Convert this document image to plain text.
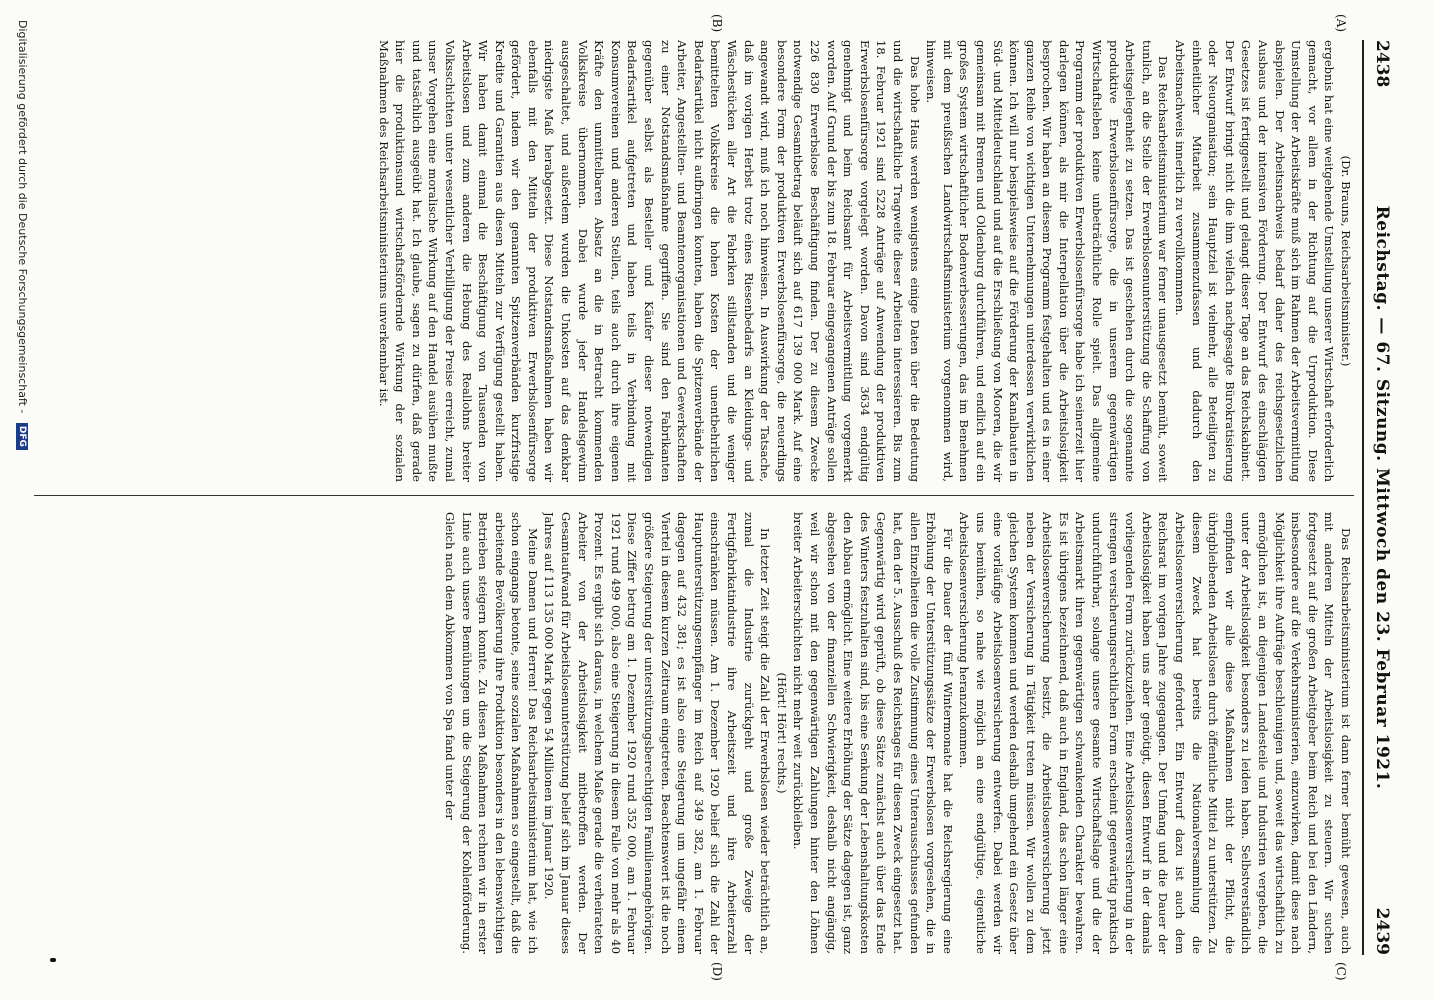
2438
Reichstag. — 67. Sitzung. Mittwoch den 23. Februar 1921.
2439
(A)
(B)
(C)
(D)

(Dr. Brauns, Reichsarbeitsminister.)

ergebnis hat eine weitgehende Umstellung unserer Wirtschaft erforderlich gemacht, vor allem in der Richtung auf die Urproduktion. Diese Umstellung der Arbeitskräfte muß sich im Rahmen der Arbeitsvermittlung abspielen. Der Arbeitsnachweis bedarf daher des reichsgesetzlichen Ausbaus und der intensiven Förderung. Der Entwurf des einschlägigen Gesetzes ist fertiggestellt und gelangt dieser Tage an das Reichskabinett. Der Entwurf bringt nicht die ihm vielfach nachgesagte Bürokratisierung oder Neuorganisation; sein Hauptziel ist vielmehr, alle Beteiligten zu einheitlicher Mitarbeit zusammenzufassen und dadurch den Arbeitsnachweis innerlich zu vervollkommnen.

Das Reichsarbeitsministerium war ferner unausgesetzt bemüht, soweit tunlich, an die Stelle der Erwerbslosenunterstützung die Schaffung von Arbeitsgelegenheit zu setzen. Das ist geschehen durch die sogenannte produktive Erwerbslosenfürsorge, die in unserem gegenwärtigen Wirtschaftsleben keine unbeträchtliche Rolle spielt. Das allgemeine Programm der produktiven Erwerbslosenfürsorge habe ich seinerzeit hier darlegen können, als mir die Interpellation über die Arbeitslosigkeit besprochen. Wir haben an diesem Programm festgehalten und es in einer ganzen Reihe von wichtigen Unternehmungen unterdessen verwirklichen können. Ich will nur beispielsweise auf die Förderung der Kanalbauten in Süd- und Mitteldeutschland und auf die Erschließung von Mooren, die wir gemeinsam mit Bremen und Oldenburg durchführen, und endlich auf ein großes System wirtschaftlicher Bodenverbesserungen, das im Benehmen mit dem preußischen Landwirtschaftsministerium vorgenommen wird, hinweisen.

Das hohe Haus werden wenigstens einige Daten über die Bedeutung und die wirtschaftliche Tragweite dieser Arbeiten interessieren. Bis zum 18. Februar 1921 sind 5228 Anträge auf Anwendung der produktiven Erwerbslosenfürsorge vorgelegt worden. Davon sind 3634 endgültig genehmigt und beim Reichsamt für Arbeitsvermittlung vorgemerkt worden. Auf Grund der bis zum 18. Februar eingegangenen Anträge sollen 226 830 Erwerbslose Beschäftigung finden. Der zu diesem Zwecke notwendige Gesamtbetrag beläuft sich auf 617 139 000 Mark. Auf eine besondere Form der produktiven Erwerbslosenfürsorge, die neuerdings angewandt wird, muß ich noch hinweisen. In Auswirkung der Tatsache, daß im vorigen Herbst trotz eines Riesenbedarfs an Kleidungs- und Wäschestücken aller Art die Fabriken stillstanden und die weniger bemittelten Volkskreise die hohen Kosten der unentbehrlichen Bedarfsartikel nicht aufbringen konnten, haben die Spitzenverbände der Arbeiter, Angestellten- und Beamtenorganisationen und Gewerkschaften zu einer Notstandsmaßnahme gegriffen. Sie sind den Fabrikanten gegenüber selbst als Besteller und Käufer dieser notwendigen Bedarfsartikel aufgetreten und haben teils in Verbindung mit Konsumvereinen und anderen Stellen, teils auch durch ihre eigenen Kräfte den unmittelbaren Absatz an die in Betracht kommenden Volkskreise übernommen. Dabei wurde jeder Handelsgewinn ausgeschaltet, und außerdem wurden die Unkosten auf das denkbar niedrigste Maß herabgesetzt. Diese Notstandsmaßnahmen haben wir ebenfalls mit den Mitteln der produktiven Erwerbslosenfürsorge gefördert, indem wir den genannten Spitzenverbänden kurzfristige Kredite und Garantien aus diesen Mitteln zur Verfügung gestellt haben. Wir haben damit einmal die Beschäftigung von Tausenden von Arbeitslosen und zum anderen die Hebung des Reallohns breiter Volksschichten unter wesentlicher Verbilligung der Preise erreicht, zumal unser Vorgehen eine moralische Wirkung auf den Handel ausüben mußte und tatsächlich ausgeübt hat. Ich glaube, sagen zu dürfen, daß gerade hier die produktionsund wirtschaftsfördernde Wirkung der sozialen Maßnahmen des Reichsarbeitsministeriums unverkennbar ist.

Das Reichsarbeitsministerium ist dann ferner bemüht gewesen, auch mit anderen Mitteln der Arbeitslosigkeit zu steuern. Wir suchen fortgesetzt auf die großen Arbeitgeber beim Reich und bei den Ländern, insbesondere auf die Verkehrsministerien, einzuwirken, damit diese nach Möglichkeit ihre Aufträge beschleunigen und, soweit das wirtschaftlich zu ermöglichen ist, an diejenigen Landesteile und Industrien vergeben, die unter der Arbeitslosigkeit besonders zu leiden haben. Selbstverständlich empfinden wir alle diese Maßnahmen nicht der Pflicht, die übrigbleibenden Arbeitslosen durch öffentliche Mittel zu unterstützen. Zu diesem Zweck hat bereits die Nationalversammlung die Arbeitslosenversicherung gefordert. Ein Entwurf dazu ist auch dem Reichsrat im vorigen Jahre zugegangen. Der Umfang und die Dauer der Arbeitslosigkeit haben uns aber genötigt, diesen Entwurf in der damals vorliegenden Form zurückzuziehen. Eine Arbeitslosenversicherung in der strengen versicherungsrechtlichen Form erscheint gegenwärtig praktisch undurchführbar, solange unsere gesamte Wirtschaftslage und die der Arbeitsmarkt ihren gegenwärtigen schwankenden Charakter bewahren. Es ist übrigens bezeichnend, daß auch in England, das schon länger eine Arbeitslosenversicherung besitzt, die Arbeitslosenversicherung jetzt neben der Versicherung in Tätigkeit treten müssen. Wir wollen zu dem gleichen System kommen und werden deshalb umgehend ein Gesetz über eine vorläufige Arbeitslosenversicherung entwerfen. Dabei werden wir uns bemühen, so nahe wie möglich an eine endgültige, eigentliche Arbeitslosenversicherung heranzukommen.

Für die Dauer der fünf Wintermonate hat die Reichsregierung eine Erhöhung der Unterstützungssätze der Erwerbslosen vorgesehen, die in allen Einzelheiten die volle Zustimmung eines Unterausschusses gefunden hat, den der 5. Ausschuß des Reichstages für diesen Zweck eingesetzt hat. Gegenwärtig wird geprüft, ob diese Sätze zunächst auch über das Ende des Winters festzuhalten sind, bis eine Senkung der Lebenshaltungskosten den Abbau ermöglicht. Eine weitere Erhöhung der Sätze dagegen ist, ganz abgesehen von der finanziellen Schwierigkeit, deshalb nicht angängig, weil wir schon mit den gegenwärtigen Zahlungen hinter den Löhnen breiter Arbeiterschichten nicht mehr weit zurückbleiben.

(Hört! Hört! rechts.)

In letzter Zeit steigt die Zahl der Erwerbslosen wieder beträchtlich an, zumal die Industrie zurückgeht und große Zweige der Fertigfabrikatindustrie ihre Arbeitszeit und ihre Arbeiterzahl einschränken müssen. Am 1. Dezember 1920 belief sich die Zahl der Hauptunterstützungsempfänger im Reich auf 349 382, am 1. Februar dagegen auf 432 381; es ist also eine Steigerung um ungefähr einem Viertel in diesem kurzen Zeitraum eingetreten. Beachtenswert ist die noch größere Steigerung der unterstützungsberechtigten Familienangehörigen. Diese Ziffer betrug am 1. Dezember 1920 rund 352 000, am 1. Februar 1921 rund 499 000, also eine Steigerung in diesem Falle von mehr als 40 Prozent. Es ergibt sich daraus, in welchem Maße gerade die verheirateten Arbeiter von der Arbeitslosigkeit mitbetroffen werden. Der Gesamtaufwand für Arbeitslosenunterstützung belief sich im Januar dieses Jahres auf 113 135 000 Mark gegen 54 Millionen im Januar 1920.

Meine Damen und Herren! Das Reichsarbeitsministerium hat, wie ich schon eingangs betonte, seine sozialen Maßnahmen so eingestellt, daß die arbeitende Bevölkerung ihre Produktion besonders in den lebenswichtigen Betrieben steigern konnte. Zu diesen Maßnahmen rechnen wir in erster Linie auch unsere Bemühungen um die Steigerung der Kohlenförderung. Gleich nach dem Abkommen von Spa fand unter der

Digitalisierung gefördert durch die Deutsche Forschungsgemeinschaft - DFG
